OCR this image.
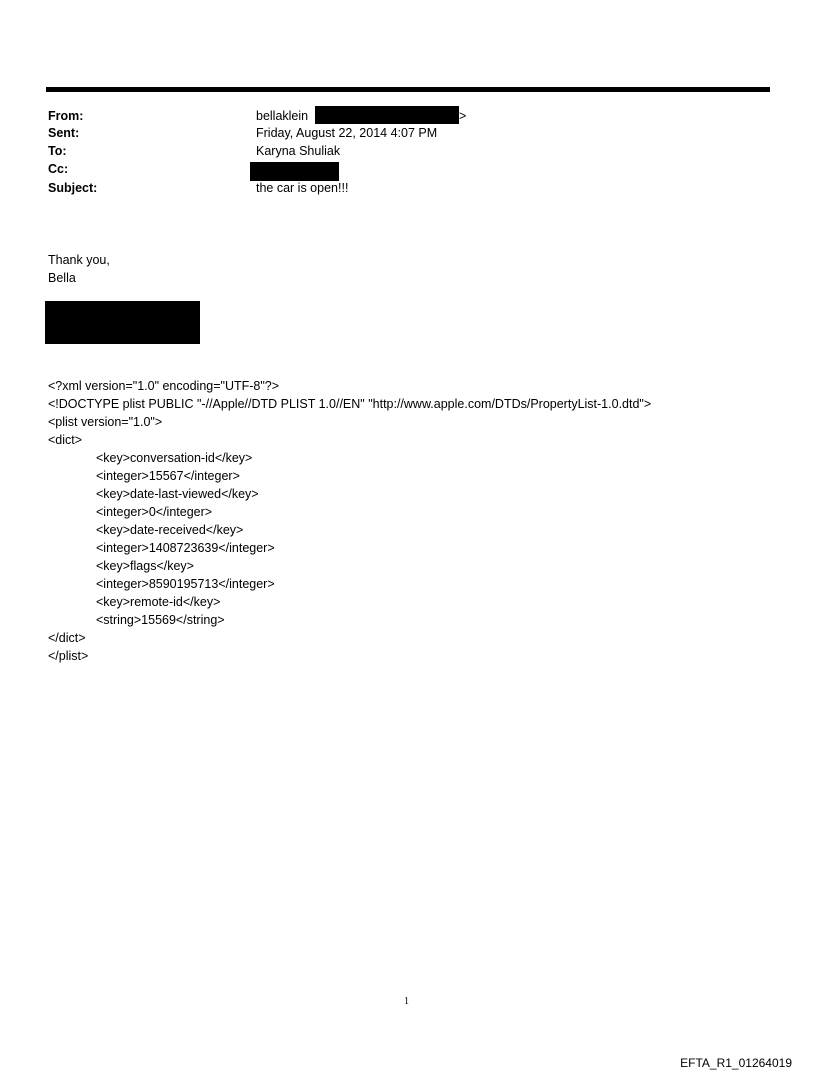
From:	bellaklein	>
Sent:	Friday, August 22, 2014 4:07 PM
To:	Karyna Shuliak
Cc:
Subject:	the car is open!!!
Thank you,
Bella
<?xml version="1.0" encoding="UTF-8"?>
<!DOCTYPE plist PUBLIC "-//Apple//DTD PLIST 1.0//EN" "http://www.apple.com/DTDs/PropertyList-1.0.dtd">
<plist version="1.0">
<dict>
<key>conversation-id</key>
<integer>15567</integer>
<key>date-last-viewed</key>
<integer>0</integer>
<key>date-received</key>
<integer>1408723639</integer>
<key>flags</key>
<integer>8590195713</integer>
<key>remote-id</key>
<string>15569</string>
</dict>
</plist>
1
EFTA_R1_01264019
